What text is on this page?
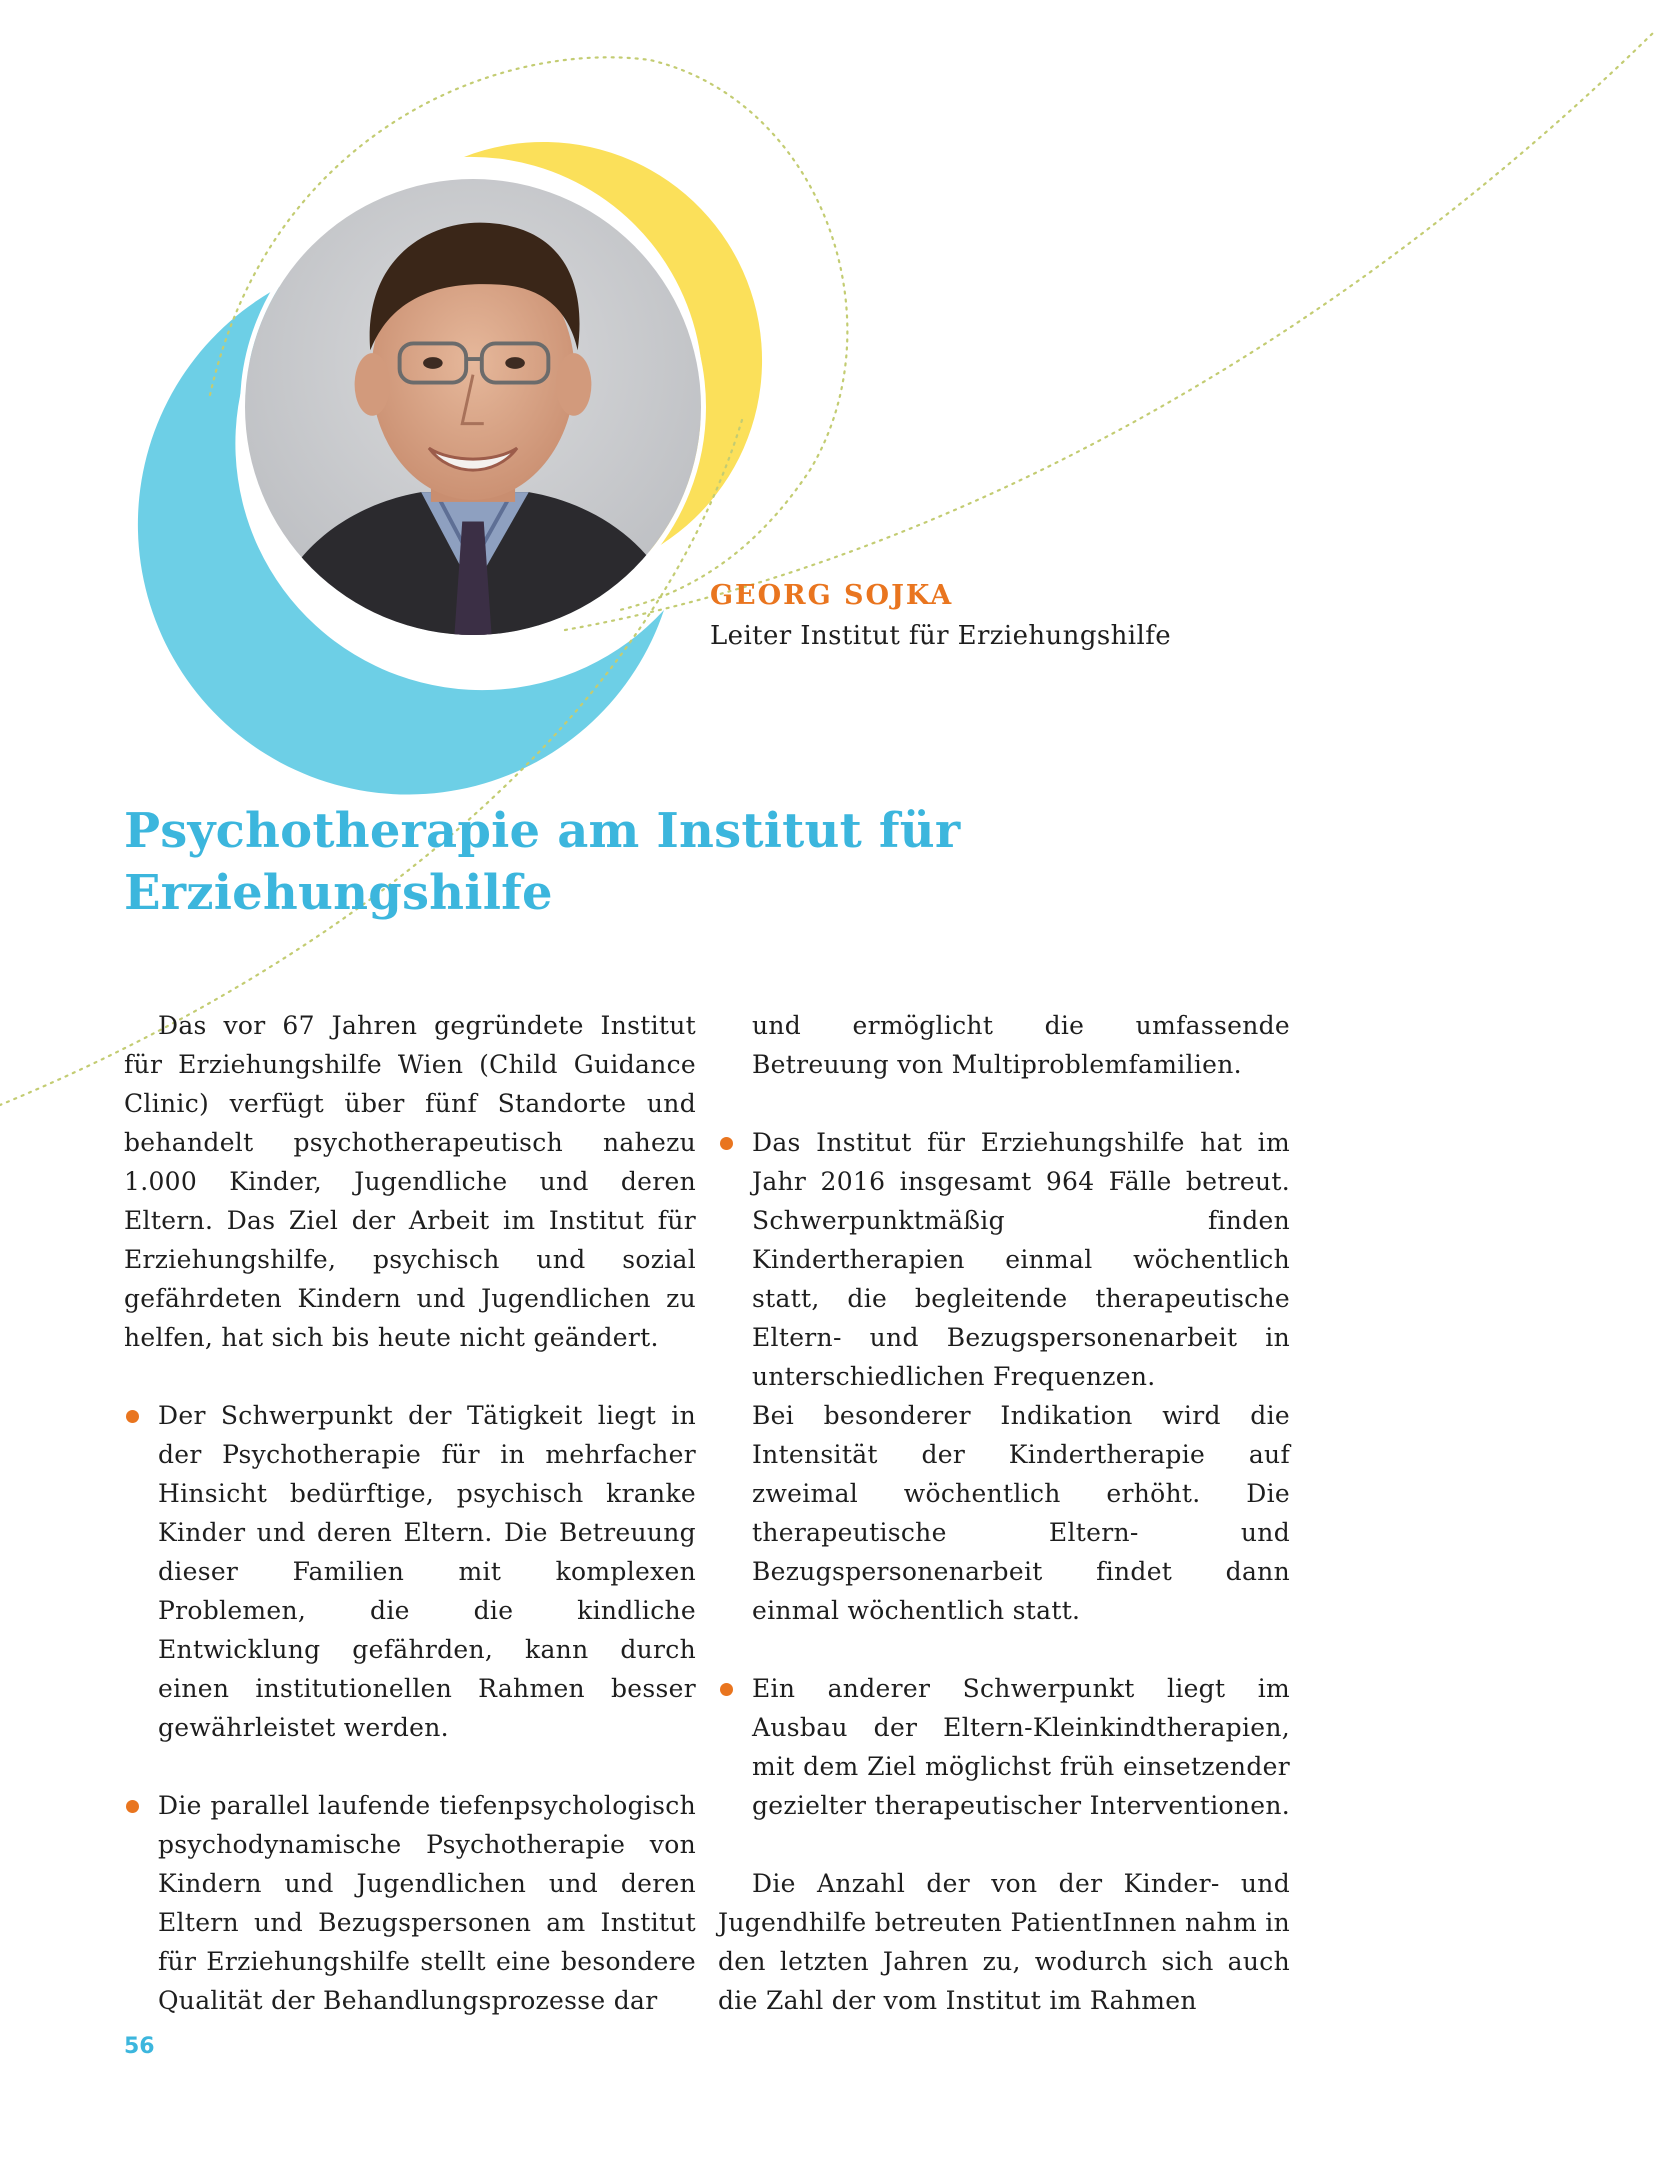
GEORG SOJKA
Leiter Institut für Erziehungshilfe
Psychotherapie am Institut für
Erziehungshilfe

Das vor 67 Jahren gegründete Institut für Erziehungshilfe Wien (Child Guidance Clinic) verfügt über fünf Standorte und behandelt psychotherapeutisch nahezu 1.000 Kinder, Jugendliche und deren Eltern. Das Ziel der Arbeit im Institut für Erziehungshilfe, psychisch und sozial gefährdeten Kindern und Jugendlichen zu helfen, hat sich bis heute nicht geändert.

Der Schwerpunkt der Tätigkeit liegt in der Psychotherapie für in mehrfacher Hinsicht bedürftige, psychisch kranke Kinder und deren Eltern. Die Betreuung dieser Familien mit komplexen Problemen, die die kindliche Entwicklung gefährden, kann durch einen institutionellen Rahmen besser gewährleistet werden.

Die parallel laufende tiefenpsychologisch psychodynamische Psychotherapie von Kindern und Jugendlichen und deren Eltern und Bezugspersonen am Institut für Erziehungshilfe stellt eine besondere Qualität der Behandlungsprozesse dar

und ermöglicht die umfassende Betreuung von Multiproblemfamilien.

Das Institut für Erziehungshilfe hat im Jahr 2016 insgesamt 964 Fälle betreut. Schwerpunktmäßig finden Kindertherapien einmal wöchentlich statt, die begleitende therapeutische Eltern- und Bezugspersonenarbeit in unterschiedlichen Frequenzen.

Bei besonderer Indikation wird die Intensität der Kindertherapie auf zweimal wöchentlich erhöht. Die therapeutische Eltern- und Bezugspersonenarbeit findet dann einmal wöchentlich statt.

Ein anderer Schwerpunkt liegt im Ausbau der Eltern-Kleinkindtherapien, mit dem Ziel möglichst früh einsetzender gezielter therapeutischer Interventionen.

Die Anzahl der von der Kinder- und Jugendhilfe betreuten PatientInnen nahm in den letzten Jahren zu, wodurch sich auch die Zahl der vom Institut im Rahmen

56
